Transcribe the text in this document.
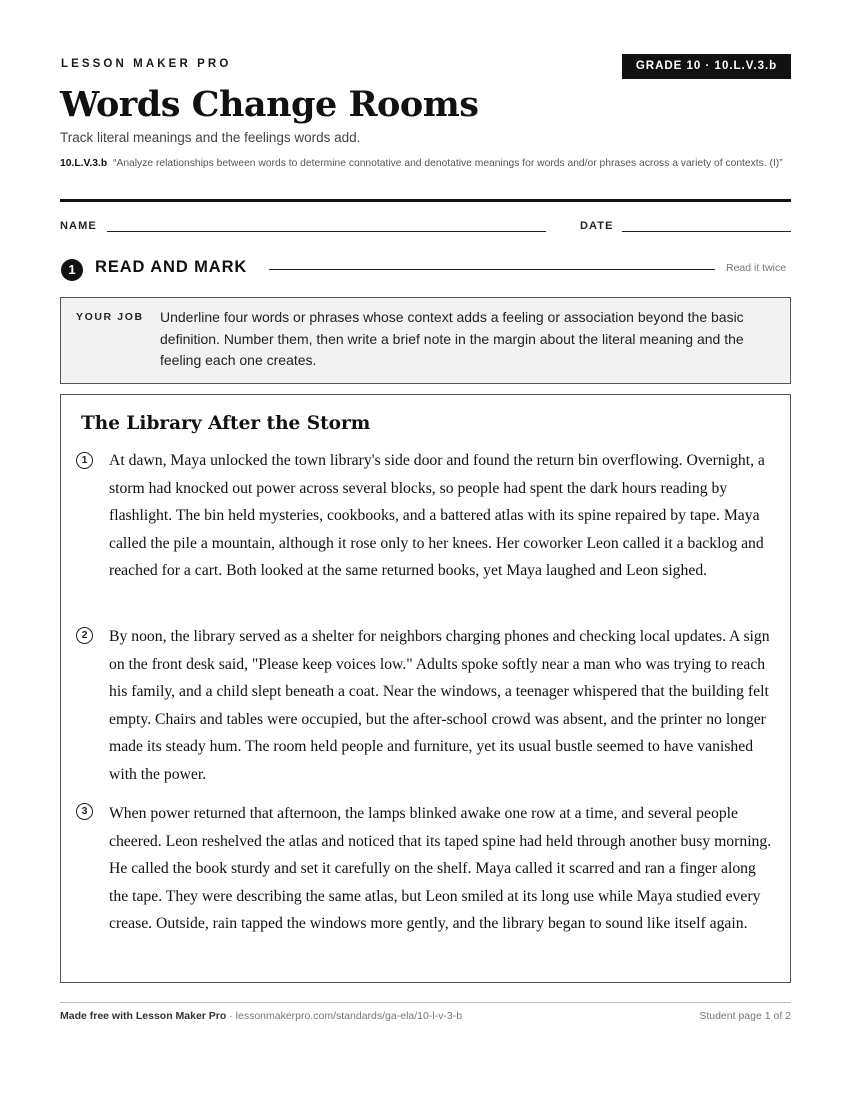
LESSON MAKER PRO	GRADE 10 · 10.L.V.3.b
Words Change Rooms
Track literal meanings and the feelings words add.
10.L.V.3.b “Analyze relationships between words to determine connotative and denotative meanings for words and/or phrases across a variety of contexts. (I)”
NAME	DATE
1	READ AND MARK	Read it twice
YOUR JOB Underline four words or phrases whose context adds a feeling or association beyond the basic definition. Number them, then write a brief note in the margin about the literal meaning and the feeling each one creates.
The Library After the Storm
1	At dawn, Maya unlocked the town library's side door and found the return bin overflowing. Overnight, a storm had knocked out power across several blocks, so people had spent the dark hours reading by flashlight. The bin held mysteries, cookbooks, and a battered atlas with its spine repaired by tape. Maya called the pile a mountain, although it rose only to her knees. Her coworker Leon called it a backlog and reached for a cart. Both looked at the same returned books, yet Maya laughed and Leon sighed.

2	By noon, the library served as a shelter for neighbors charging phones and checking local updates. A sign on the front desk said, "Please keep voices low." Adults spoke softly near a man who was trying to reach his family, and a child slept beneath a coat. Near the windows, a teenager whispered that the building felt empty. Chairs and tables were occupied, but the after-school crowd was absent, and the printer no longer made its steady hum. The room held people and furniture, yet its usual bustle seemed to have vanished with the power.

3	When power returned that afternoon, the lamps blinked awake one row at a time, and several people cheered. Leon reshelved the atlas and noticed that its taped spine had held through another busy morning. He called the book sturdy and set it carefully on the shelf. Maya called it scarred and ran a finger along the tape. They were describing the same atlas, but Leon smiled at its long use while Maya studied every crease. Outside, rain tapped the windows more gently, and the library began to sound like itself again.

Made free with Lesson Maker Pro · lessonmakerpro.com/standards/ga-ela/10-l-v-3-b	Student page 1 of 2
